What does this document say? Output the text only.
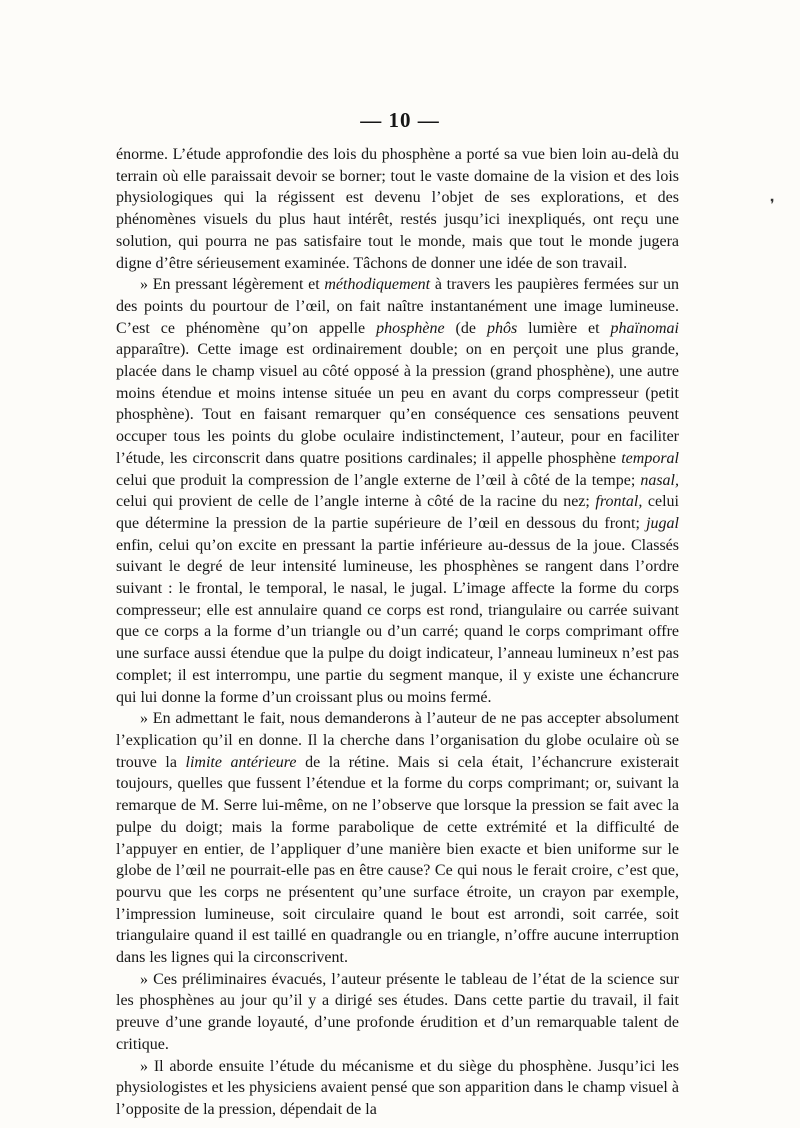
— 10 —
❜

énorme. L’étude approfondie des lois du phosphène a porté sa vue bien loin au-delà du terrain où elle paraissait devoir se borner; tout le vaste domaine de la vision et des lois physiologiques qui la régissent est devenu l’objet de ses explorations, et des phénomènes visuels du plus haut intérêt, restés jusqu’ici inexpliqués, ont reçu une solution, qui pourra ne pas satisfaire tout le monde, mais que tout le monde jugera digne d’être sérieusement examinée. Tâchons de donner une idée de son travail.

» En pressant légèrement et méthodiquement à travers les paupières fermées sur un des points du pourtour de l’œil, on fait naître instantanément une image lumineuse. C’est ce phénomène qu’on appelle phosphène (de phôs lumière et phaïnomai apparaître). Cette image est ordinairement double; on en perçoit une plus grande, placée dans le champ visuel au côté opposé à la pression (grand phosphène), une autre moins étendue et moins intense située un peu en avant du corps compresseur (petit phosphène). Tout en faisant remarquer qu’en conséquence ces sensations peuvent occuper tous les points du globe oculaire indistinctement, l’auteur, pour en faciliter l’étude, les circonscrit dans quatre positions cardinales; il appelle phosphène temporal celui que produit la compression de l’angle externe de l’œil à côté de la tempe; nasal, celui qui provient de celle de l’angle interne à côté de la racine du nez; frontal, celui que détermine la pression de la partie supérieure de l’œil en dessous du front; jugal enfin, celui qu’on excite en pressant la partie inférieure au-dessus de la joue. Classés suivant le degré de leur intensité lumineuse, les phosphènes se rangent dans l’ordre suivant : le frontal, le temporal, le nasal, le jugal. L’image affecte la forme du corps compresseur; elle est annulaire quand ce corps est rond, triangulaire ou carrée suivant que ce corps a la forme d’un triangle ou d’un carré; quand le corps comprimant offre une surface aussi étendue que la pulpe du doigt indicateur, l’anneau lumineux n’est pas complet; il est interrompu, une partie du segment manque, il y existe une échancrure qui lui donne la forme d’un croissant plus ou moins fermé.

» En admettant le fait, nous demanderons à l’auteur de ne pas accepter absolument l’explication qu’il en donne. Il la cherche dans l’organisation du globe oculaire où se trouve la limite antérieure de la rétine. Mais si cela était, l’échancrure existerait toujours, quelles que fussent l’étendue et la forme du corps comprimant; or, suivant la remarque de M. Serre lui-même, on ne l’observe que lorsque la pression se fait avec la pulpe du doigt; mais la forme parabolique de cette extrémité et la difficulté de l’appuyer en entier, de l’appliquer d’une manière bien exacte et bien uniforme sur le globe de l’œil ne pourrait-elle pas en être cause? Ce qui nous le ferait croire, c’est que, pourvu que les corps ne présentent qu’une surface étroite, un crayon par exemple, l’impression lumineuse, soit circulaire quand le bout est arrondi, soit carrée, soit triangulaire quand il est taillé en quadrangle ou en triangle, n’offre aucune interruption dans les lignes qui la circonscrivent.

» Ces préliminaires évacués, l’auteur présente le tableau de l’état de la science sur les phosphènes au jour qu’il y a dirigé ses études. Dans cette partie du travail, il fait preuve d’une grande loyauté, d’une profonde érudition et d’un remarquable talent de critique.

» Il aborde ensuite l’étude du mécanisme et du siège du phosphène. Jusqu’ici les physiologistes et les physiciens avaient pensé que son apparition dans le champ visuel à l’opposite de la pression, dépendait de la
